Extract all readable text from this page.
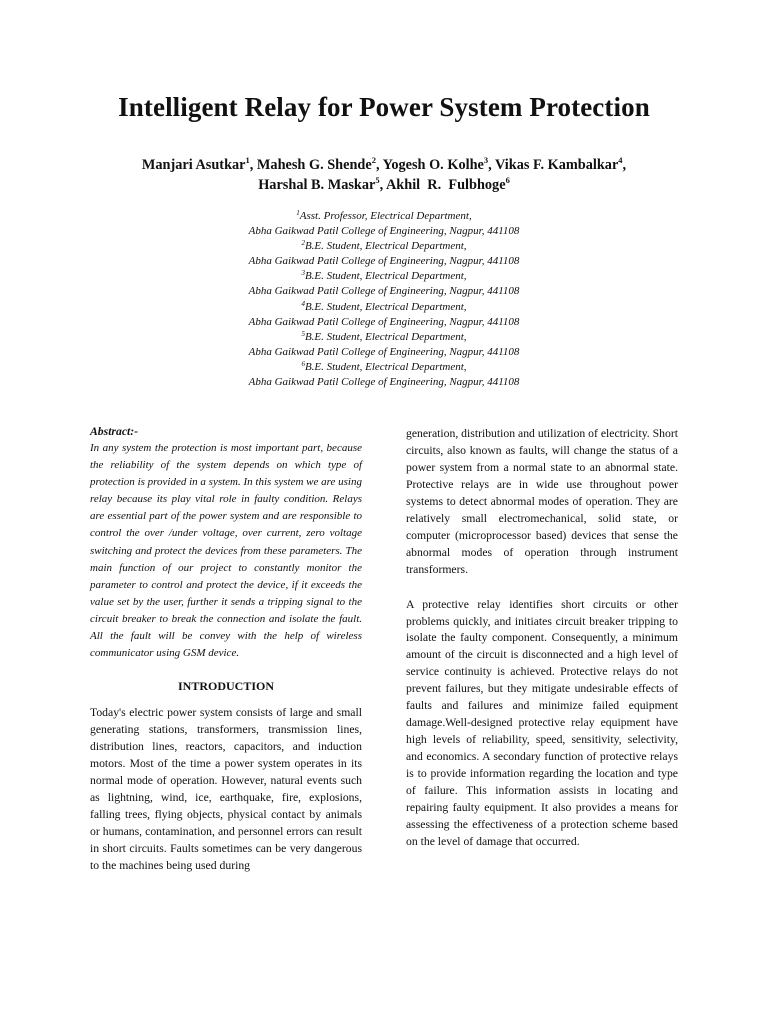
Intelligent Relay for Power System Protection
Manjari Asutkar$^1$, Mahesh G. Shende$^2$, Yogesh O. Kolhe$^3$, Vikas F. Kambalkar$^4$,
Harshal B. Maskar$^5$, Akhil  R.  Fulbhoge$^6$
$^1$Asst. Professor, Electrical Department,
Abha Gaikwad Patil College of Engineering, Nagpur, 441108
$^2$B.E. Student, Electrical Department,
Abha Gaikwad Patil College of Engineering, Nagpur, 441108
$^3$B.E. Student, Electrical Department,
Abha Gaikwad Patil College of Engineering, Nagpur, 441108
$^4$B.E. Student, Electrical Department,
Abha Gaikwad Patil College of Engineering, Nagpur, 441108
$^5$B.E. Student, Electrical Department,
Abha Gaikwad Patil College of Engineering, Nagpur, 441108
$^6$B.E. Student, Electrical Department,
Abha Gaikwad Patil College of Engineering, Nagpur, 441108

Abstract:-

In any system the protection is most important part, because the reliability of the system depends on which type of protection is provided in a system. In this system we are using relay because its play vital role in faulty condition. Relays are essential part of the power system and are responsible to control the over /under voltage, over current, zero voltage switching and protect the devices from these parameters. The main function of our project to constantly monitor the parameter to control and protect the device, if it exceeds the value set by the user, further it sends a tripping signal to the circuit breaker to break the connection and isolate the fault. All the fault will be convey with the help of wireless communicator using GSM device.

INTRODUCTION

Today's electric power system consists of large and small generating stations, transformers, transmission lines, distribution lines, reactors, capacitors, and induction motors. Most of the time a power system operates in its normal mode of operation. However, natural events such as lightning, wind, ice, earthquake, fire, explosions, falling trees, flying objects, physical contact by animals or humans, contamination, and personnel errors can result in short circuits. Faults sometimes can be very dangerous to the machines being used during

generation, distribution and utilization of electricity. Short circuits, also known as faults, will change the status of a power system from a normal state to an abnormal state. Protective relays are in wide use throughout power systems to detect abnormal modes of operation. They are relatively small electromechanical, solid state, or computer (microprocessor based) devices that sense the abnormal modes of operation through instrument transformers.

A protective relay identifies short circuits or other problems quickly, and initiates circuit breaker tripping to isolate the faulty component. Consequently, a minimum amount of the circuit is disconnected and a high level of service continuity is achieved. Protective relays do not prevent failures, but they mitigate undesirable effects of faults and failures and minimize failed equipment damage.Well-designed protective relay equipment have high levels of reliability, speed, sensitivity, selectivity, and economics. A secondary function of protective relays is to provide information regarding the location and type of failure. This information assists in locating and repairing faulty equipment. It also provides a means for assessing the effectiveness of a protection scheme based on the level of damage that occurred.
